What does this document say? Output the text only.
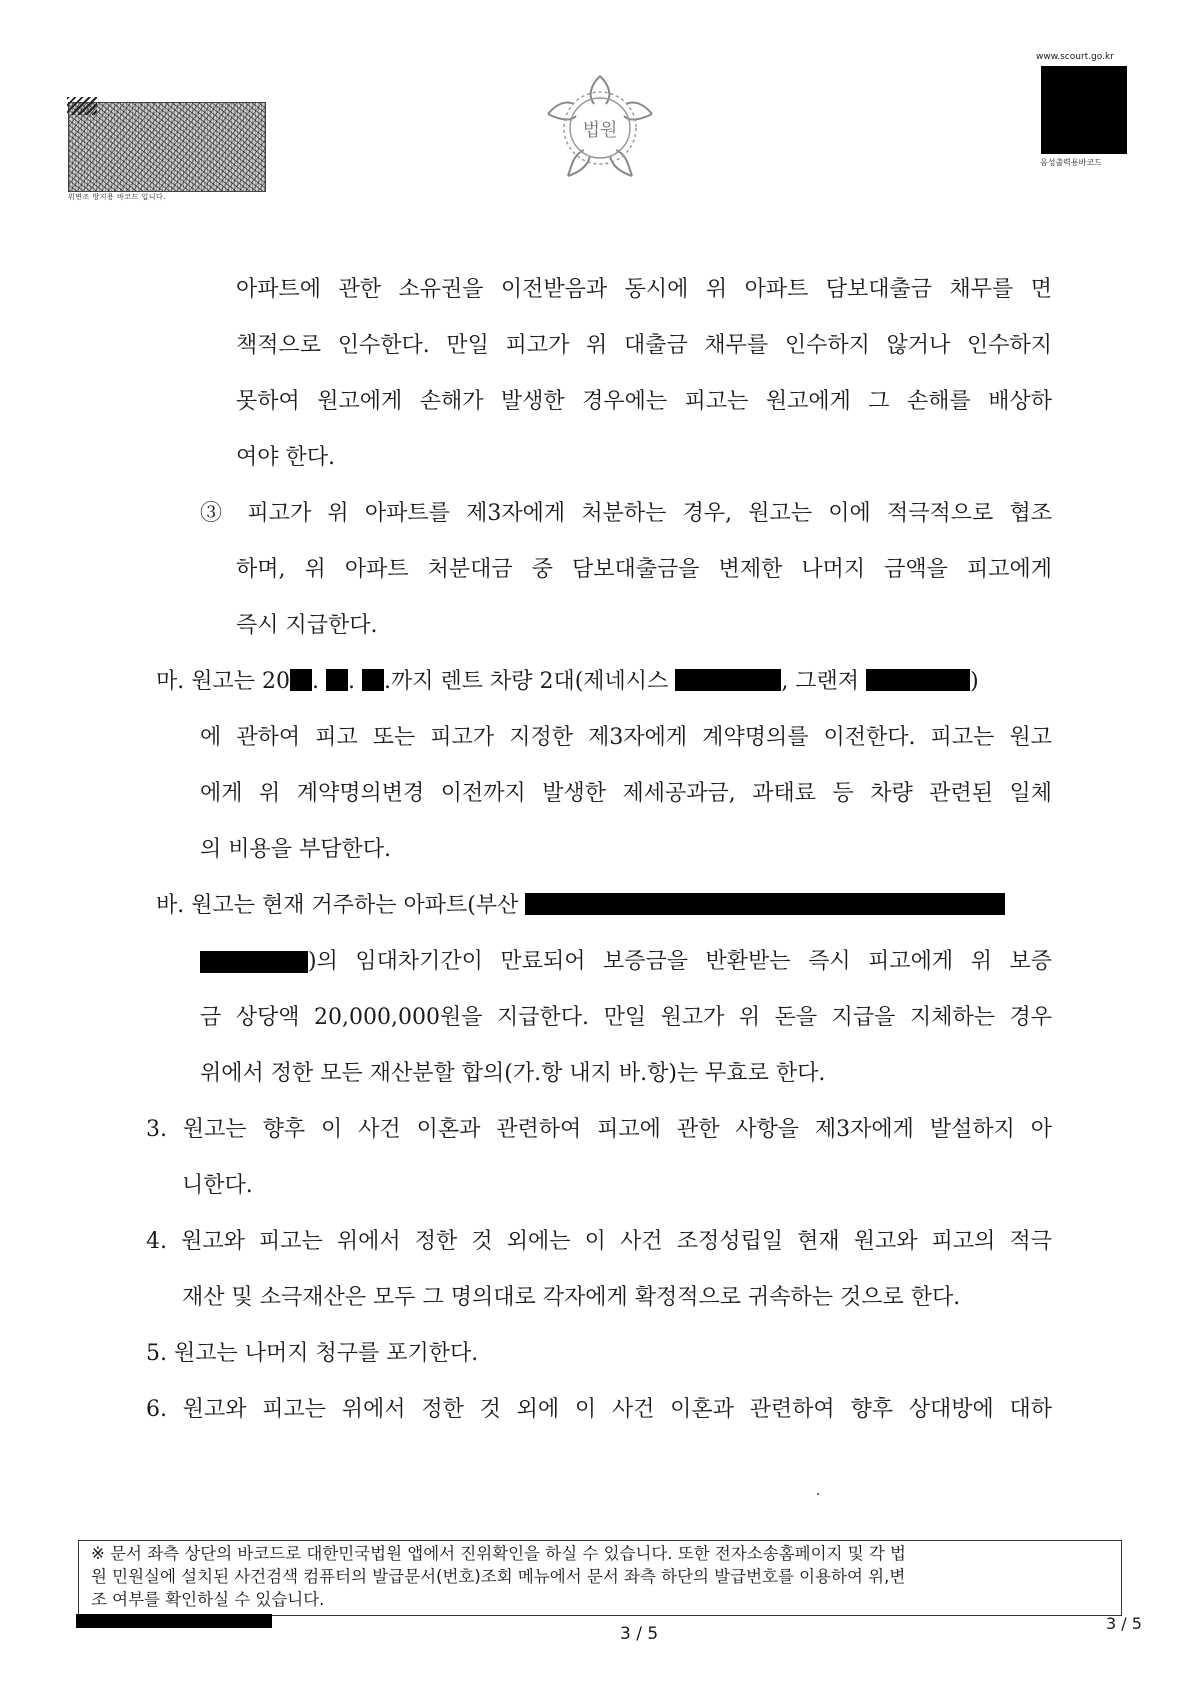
위변조 방지용 바코드 입니다.
법원
www.scourt.go.kr
음성출력용바코드
아파트에 관한 소유권을 이전받음과 동시에 위 아파트 담보대출금 채무를 면
책적으로 인수한다. 만일 피고가 위 대출금 채무를 인수하지 않거나 인수하지
못하여 원고에게 손해가 발생한 경우에는 피고는 원고에게 그 손해를 배상하
여야 한다.
③ 피고가 위 아파트를 제3자에게 처분하는 경우, 원고는 이에 적극적으로 협조
하며, 위 아파트 처분대금 중 담보대출금을 변제한 나머지 금액을 피고에게
즉시 지급한다.
마. 원고는 20 . . .까지 렌트 차량 2대(제네시스	, 그랜져	)
에 관하여 피고 또는 피고가 지정한 제3자에게 계약명의를 이전한다. 피고는 원고
에게 위 계약명의변경 이전까지 발생한 제세공과금, 과태료 등 차량 관련된 일체
의 비용을 부담한다.
바. 원고는 현재 거주하는 아파트(부산
)의 임대차기간이 만료되어 보증금을 반환받는 즉시 피고에게 위 보증
금 상당액 20,000,000원을 지급한다. 만일 원고가 위 돈을 지급을 지체하는 경우
위에서 정한 모든 재산분할 합의(가.항 내지 바.항)는 무효로 한다.
3. 원고는 향후 이 사건 이혼과 관련하여 피고에 관한 사항을 제3자에게 발설하지 아
니한다.
4. 원고와 피고는 위에서 정한 것 외에는 이 사건 조정성립일 현재 원고와 피고의 적극
재산 및 소극재산은 모두 그 명의대로 각자에게 확정적으로 귀속하는 것으로 한다.
5. 원고는 나머지 청구를 포기한다.
6. 원고와 피고는 위에서 정한 것 외에 이 사건 이혼과 관련하여 향후 상대방에 대하
※ 문서 좌측 상단의 바코드로 대한민국법원 앱에서 진위확인을 하실 수 있습니다. 또한 전자소송홈페이지 및 각 법
원 민원실에 설치된 사건검색 컴퓨터의 발급문서(번호)조회 메뉴에서 문서 좌측 하단의 발급번호를 이용하여 위,변
조 여부를 확인하실 수 있습니다.
3 / 5
3 / 5
